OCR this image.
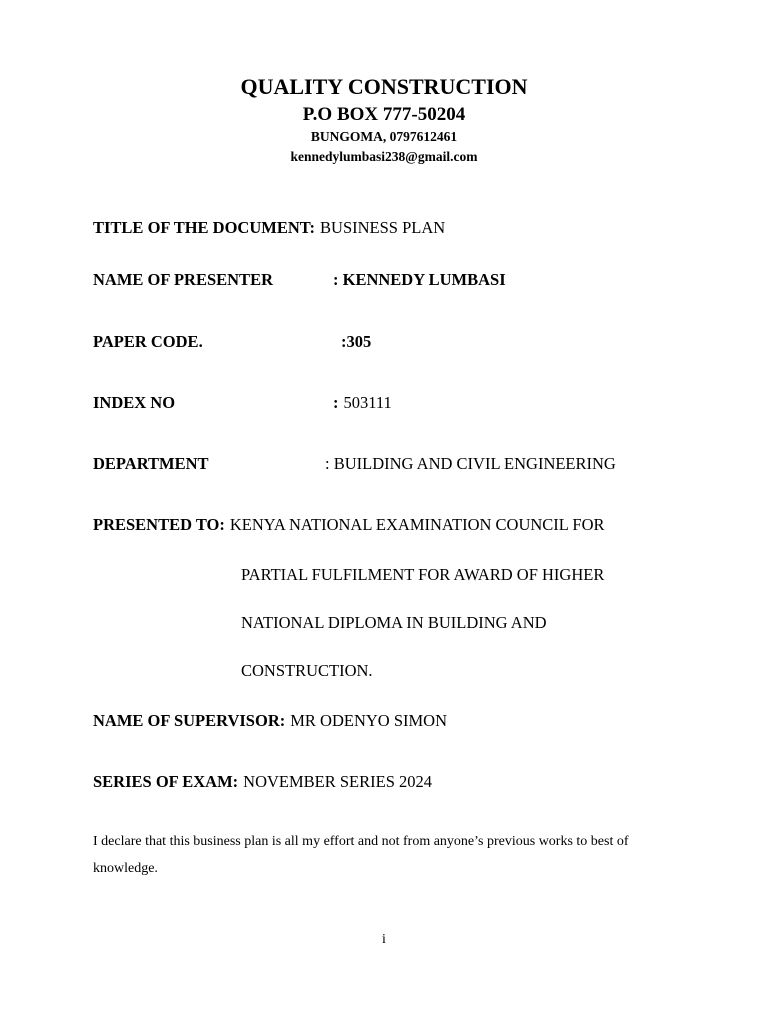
QUALITY CONSTRUCTION
P.O BOX 777-50204
BUNGOMA, 0797612461
kennedylumbasi238@gmail.com
TITLE OF THE DOCUMENT: BUSINESS PLAN
NAME OF PRESENTER	: KENNEDY LUMBASI
PAPER CODE.	:305
INDEX NO	: 503111
DEPARTMENT	: BUILDING AND CIVIL ENGINEERING
PRESENTED TO: KENYA NATIONAL EXAMINATION COUNCIL FOR
PARTIAL FULFILMENT FOR AWARD OF HIGHER
NATIONAL DIPLOMA IN BUILDING AND
CONSTRUCTION.
NAME OF SUPERVISOR: MR ODENYO SIMON
SERIES OF EXAM: NOVEMBER SERIES 2024
I declare that this business plan is all my effort and not from anyone’s previous works to best of knowledge.
i
